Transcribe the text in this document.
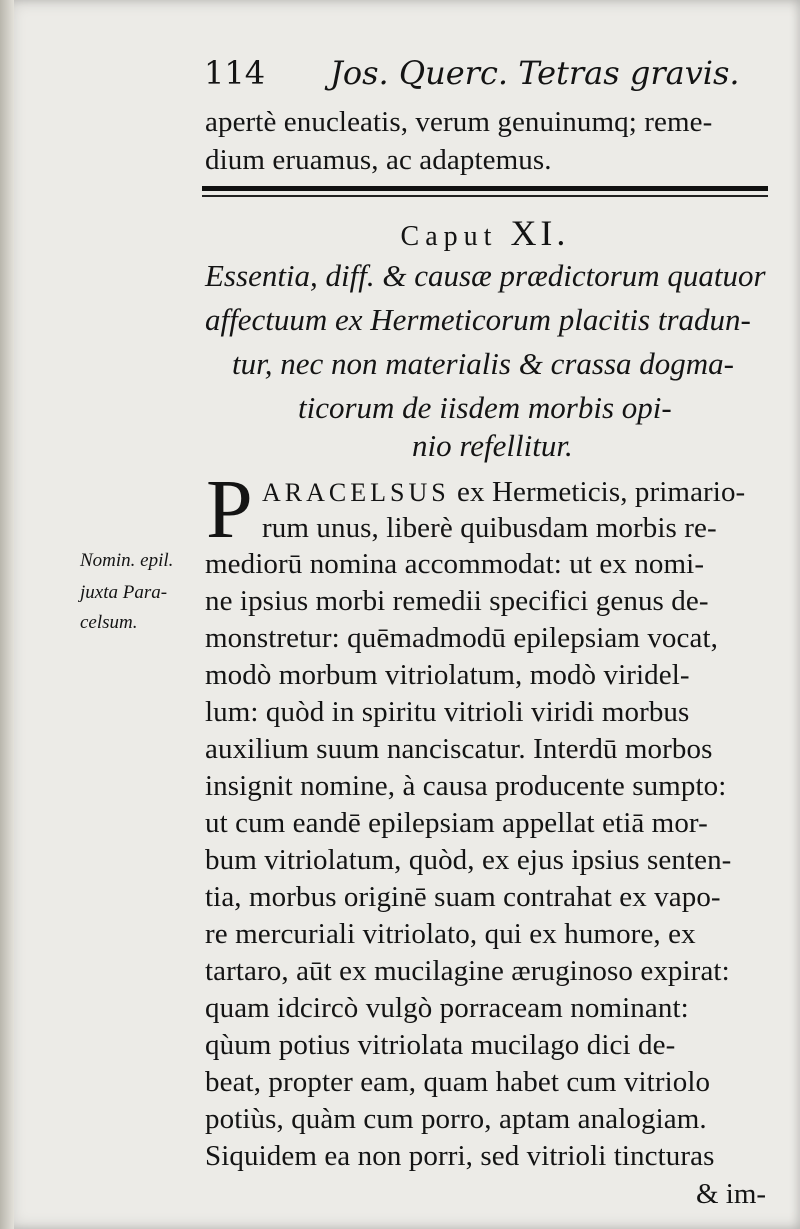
114 Jos. Querc. Tetras gravis.
apertè enucleatis, verum genuinumq; reme-
dium eruamus, ac adaptemus.
Caput XI.
Essentia, diff. & causæ prædictorum quatuor
affectuum ex Hermeticorum placitis tradun-
tur, nec non materialis & crassa dogma-
ticorum de iisdem morbis opi-
nio refellitur.
P ARACELSUS ex Hermeticis, primario-
rum unus, liberè quibusdam morbis re-
Nomin. epil.
juxta Para-
celsum.
mediorū nomina accommodat: ut ex nomi-
ne ipsius morbi remedii specifici genus de-
monstretur: quēmadmodū epilepsiam vocat,
modò morbum vitriolatum, modò viridel-
lum: quòd in spiritu vitrioli viridi morbus
auxilium suum nanciscatur. Interdū morbos
insignit nomine, à causa producente sumpto:
ut cum eandē epilepsiam appellat etiā mor-
bum vitriolatum, quòd, ex ejus ipsius senten-
tia, morbus originē suam contrahat ex vapo-
re mercuriali vitriolato, qui ex humore, ex
tartaro, aūt ex mucilagine æruginoso expirat:
quam idcircò vulgò porraceam nominant:
qùum potius vitriolata mucilago dici de-
beat, propter eam, quam habet cum vitriolo
potiùs, quàm cum porro, aptam analogiam.
Siquidem ea non porri, sed vitrioli tincturas
& im-
